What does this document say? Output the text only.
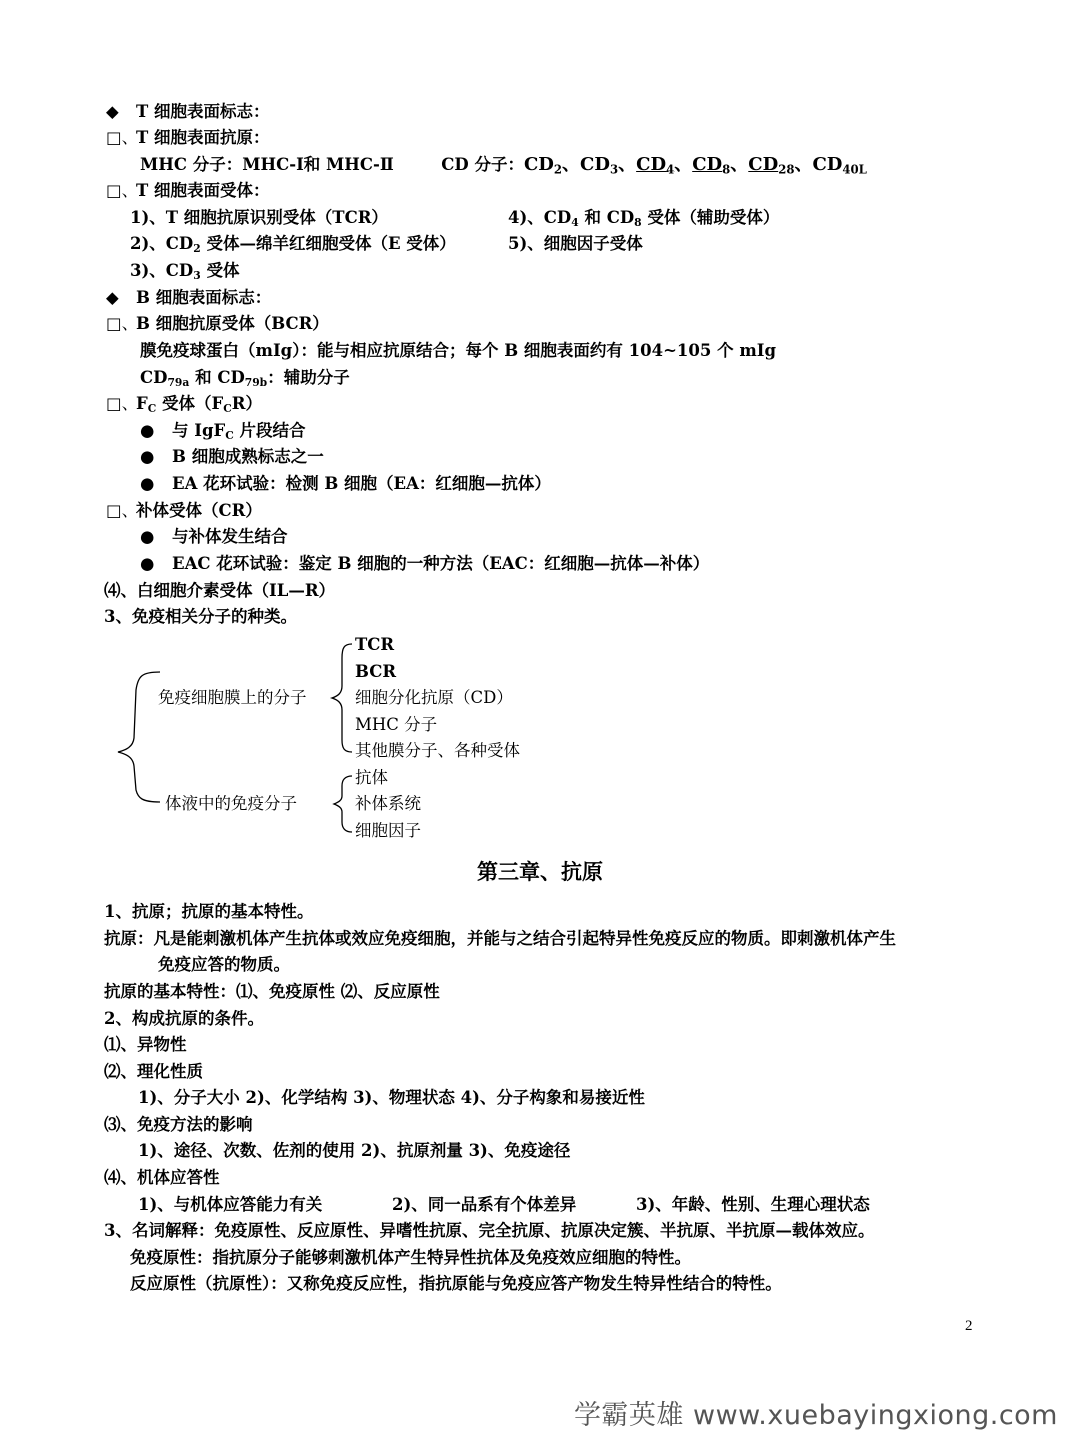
◆ T 细胞表面标志：
□、T 细胞表面抗原：
MHC 分子：MHC-Ⅰ和 MHC-Ⅱ	CD 分子：$CD_2$、$CD_3$、$CD_4$、$CD_8$、$CD_{28}$、$CD_{40L}$
□、T 细胞表面受体：
1)、T 细胞抗原识别受体（TCR）	4)、$CD_4$ 和 $CD_8$ 受体（辅助受体）
2)、$CD_2$ 受体—绵羊红细胞受体（E 受体）	5)、细胞因子受体
3)、$CD_3$ 受体
◆ B 细胞表面标志：
□、B 细胞抗原受体（BCR）
膜免疫球蛋白（mIg）：能与相应抗原结合；每个 B 细胞表面约有 104~105 个 mIg
$CD_{79a}$ 和 $CD_{79b}$：辅助分子
□、$F_C$ 受体$(F_CR)$
● 与 IgF$_C$ 片段结合
● B 细胞成熟标志之一
● EA 花环试验：检测 B 细胞（EA：红细胞—抗体）
□、补体受体（CR）
● 与补体发生结合
● EAC 花环试验：鉴定 B 细胞的一种方法（EAC：红细胞—抗体—补体）
⑷、白细胞介素受体（IL—R）
3、免疫相关分子的种类。
免疫细胞膜上的分子
体液中的免疫分子
TCR
BCR
细胞分化抗原（CD）
MHC 分子
其他膜分子、各种受体
抗体
补体系统
细胞因子
第三章、抗原
1、抗原；抗原的基本特性。
抗原：凡是能刺激机体产生抗体或效应免疫细胞，并能与之结合引起特异性免疫反应的物质。即刺激机体产生
免疫应答的物质。
抗原的基本特性：⑴、免疫原性 ⑵、反应原性
2、构成抗原的条件。
⑴、异物性
⑵、理化性质
1)、分子大小 2)、化学结构 3)、物理状态 4)、分子构象和易接近性
⑶、免疫方法的影响
1)、途径、次数、佐剂的使用 2)、抗原剂量 3)、免疫途径
⑷、机体应答性
1)、与机体应答能力有关	2)、同一品系有个体差异	3)、年龄、性别、生理心理状态
3、名词解释：免疫原性、反应原性、异嗜性抗原、完全抗原、抗原决定簇、半抗原、半抗原—载体效应。
免疫原性：指抗原分子能够刺激机体产生特异性抗体及免疫效应细胞的特性。
反应原性（抗原性）：又称免疫反应性，指抗原能与免疫应答产物发生特异性结合的特性。
2
学霸英雄 www.xuebayingxiong.com
